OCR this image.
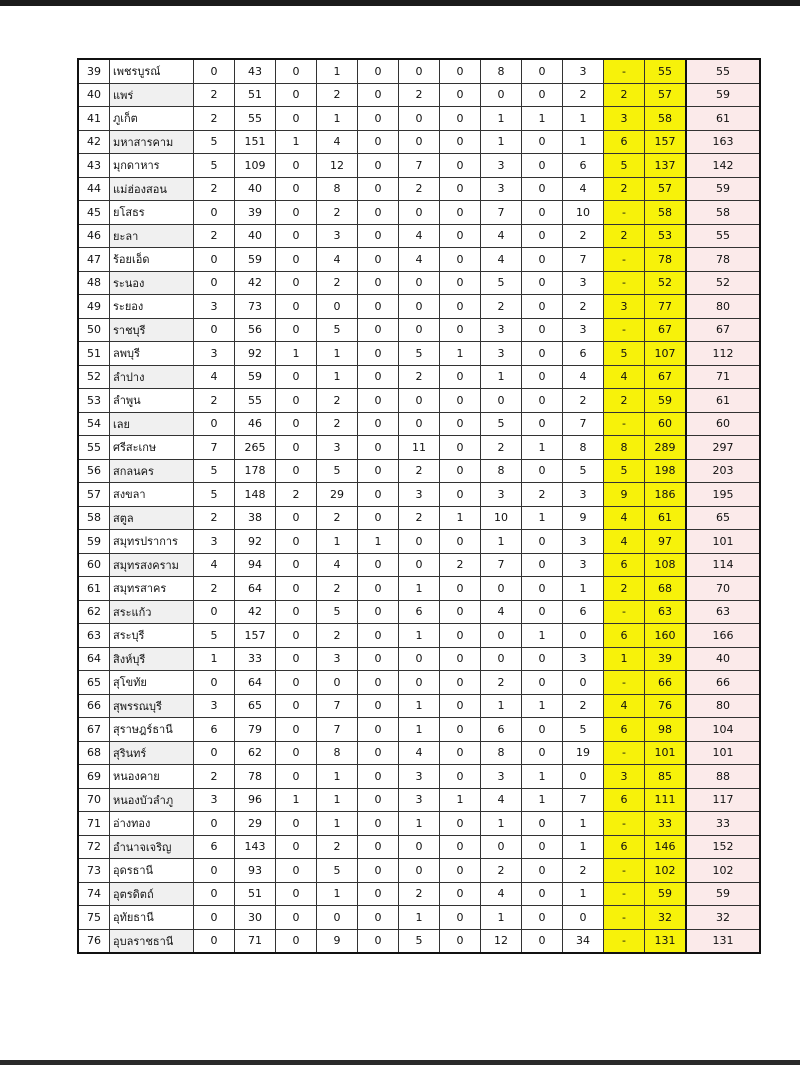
39	เพชรบูรณ์	0	43	0	1	0	0	0	8	0	3	-	55	55
40	แพร่	2	51	0	2	0	2	0	0	0	2	2	57	59
41	ภูเก็ต	2	55	0	1	0	0	0	1	1	1	3	58	61
42	มหาสารคาม	5	151	1	4	0	0	0	1	0	1	6	157	163
43	มุกดาหาร	5	109	0	12	0	7	0	3	0	6	5	137	142
44	แม่ฮ่องสอน	2	40	0	8	0	2	0	3	0	4	2	57	59
45	ยโสธร	0	39	0	2	0	0	0	7	0	10	-	58	58
46	ยะลา	2	40	0	3	0	4	0	4	0	2	2	53	55
47	ร้อยเอ็ด	0	59	0	4	0	4	0	4	0	7	-	78	78
48	ระนอง	0	42	0	2	0	0	0	5	0	3	-	52	52
49	ระยอง	3	73	0	0	0	0	0	2	0	2	3	77	80
50	ราชบุรี	0	56	0	5	0	0	0	3	0	3	-	67	67
51	ลพบุรี	3	92	1	1	0	5	1	3	0	6	5	107	112
52	ลำปาง	4	59	0	1	0	2	0	1	0	4	4	67	71
53	ลำพูน	2	55	0	2	0	0	0	0	0	2	2	59	61
54	เลย	0	46	0	2	0	0	0	5	0	7	-	60	60
55	ศรีสะเกษ	7	265	0	3	0	11	0	2	1	8	8	289	297
56	สกลนคร	5	178	0	5	0	2	0	8	0	5	5	198	203
57	สงขลา	5	148	2	29	0	3	0	3	2	3	9	186	195
58	สตูล	2	38	0	2	0	2	1	10	1	9	4	61	65
59	สมุทรปราการ	3	92	0	1	1	0	0	1	0	3	4	97	101
60	สมุทรสงคราม	4	94	0	4	0	0	2	7	0	3	6	108	114
61	สมุทรสาคร	2	64	0	2	0	1	0	0	0	1	2	68	70
62	สระแก้ว	0	42	0	5	0	6	0	4	0	6	-	63	63
63	สระบุรี	5	157	0	2	0	1	0	0	1	0	6	160	166
64	สิงห์บุรี	1	33	0	3	0	0	0	0	0	3	1	39	40
65	สุโขทัย	0	64	0	0	0	0	0	2	0	0	-	66	66
66	สุพรรณบุรี	3	65	0	7	0	1	0	1	1	2	4	76	80
67	สุราษฎร์ธานี	6	79	0	7	0	1	0	6	0	5	6	98	104
68	สุรินทร์	0	62	0	8	0	4	0	8	0	19	-	101	101
69	หนองคาย	2	78	0	1	0	3	0	3	1	0	3	85	88
70	หนองบัวลำภู	3	96	1	1	0	3	1	4	1	7	6	111	117
71	อ่างทอง	0	29	0	1	0	1	0	1	0	1	-	33	33
72	อำนาจเจริญ	6	143	0	2	0	0	0	0	0	1	6	146	152
73	อุดรธานี	0	93	0	5	0	0	0	2	0	2	-	102	102
74	อุตรดิตถ์	0	51	0	1	0	2	0	4	0	1	-	59	59
75	อุทัยธานี	0	30	0	0	0	1	0	1	0	0	-	32	32
76	อุบลราชธานี	0	71	0	9	0	5	0	12	0	34	-	131	131
